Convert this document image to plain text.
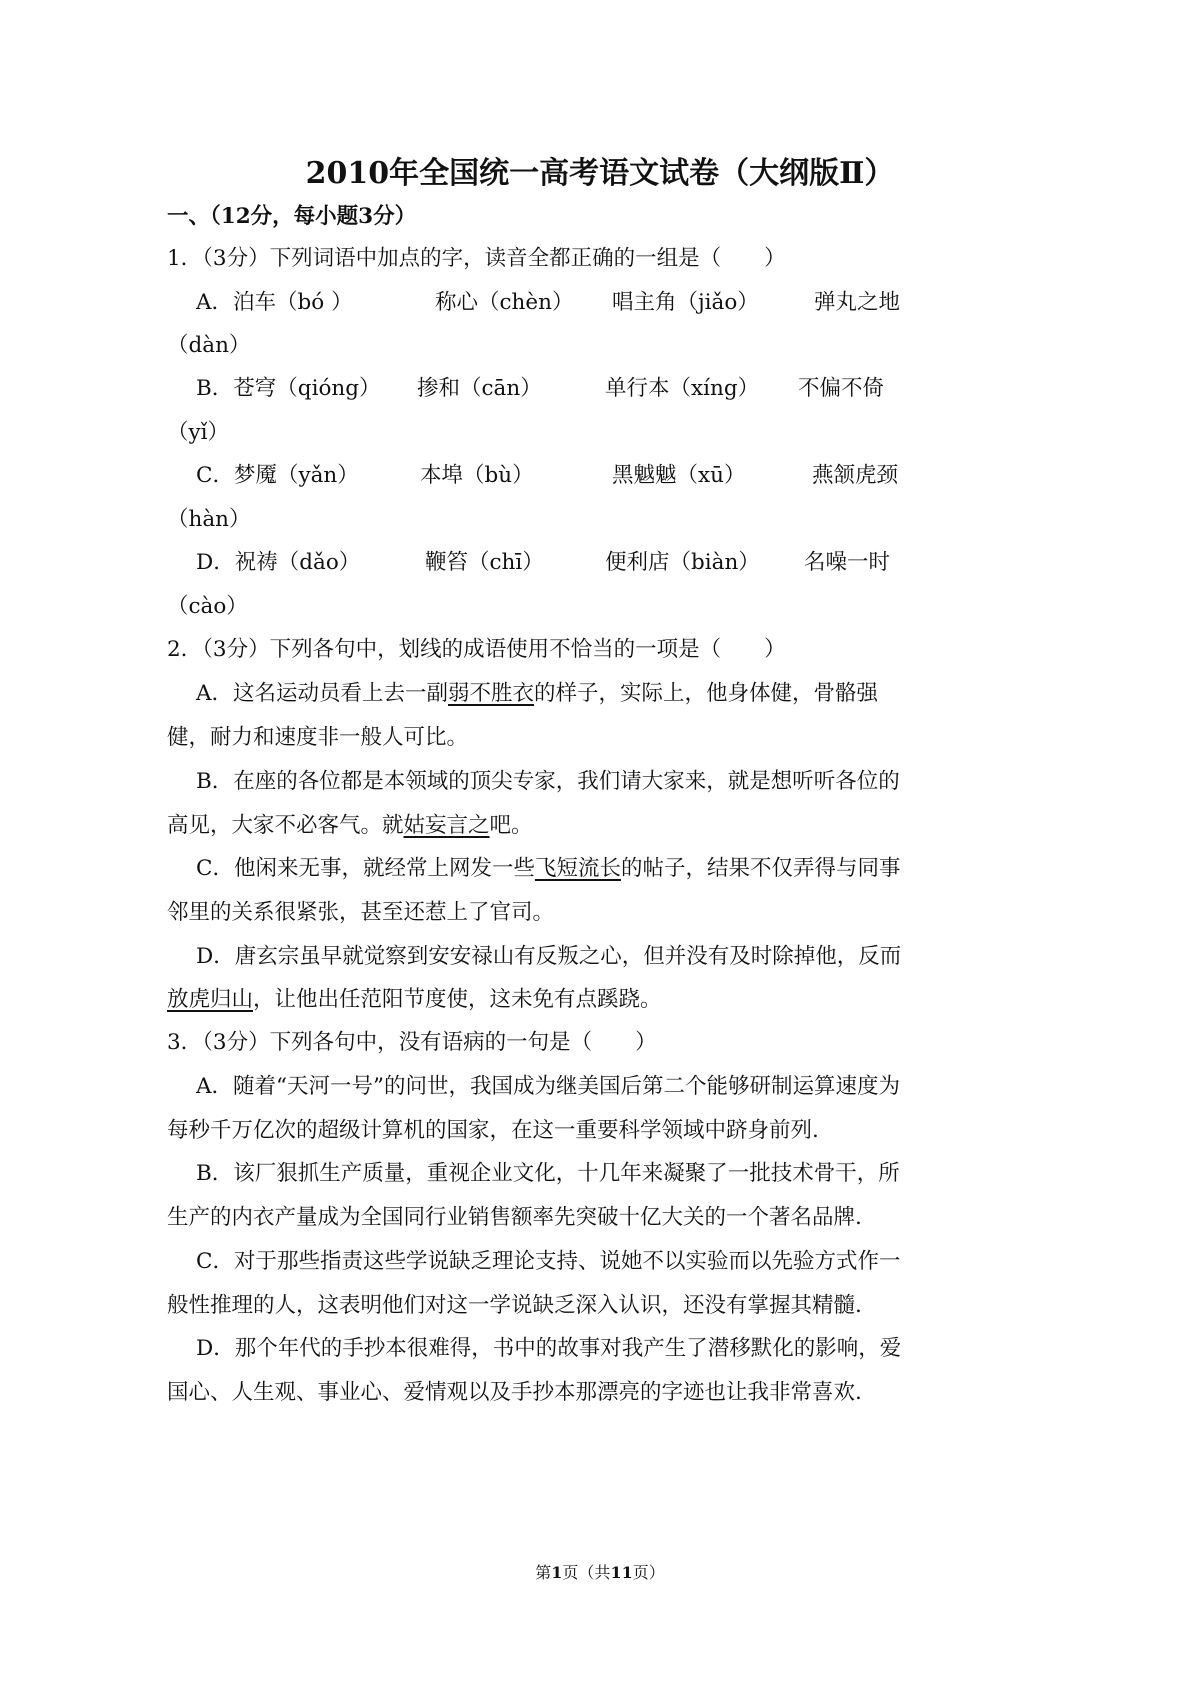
2010年全国统一高考语文试卷（大纲版Ⅱ）
一、（12分，每小题3分）
1．（3分）下列词语中加点的字，读音全都正确的一组是（　　）
A．泊车（bó ）	称心（chèn） 唱主角（jiǎo）	弹丸之地
（dàn）
B．苍穹（qióng） 掺和（cān）	单行本（xíng） 不偏不倚
（yǐ）
C．梦魇（yǎn）	本埠（bù）	黑魆魆（xū）	燕颔虎颈
（hàn）
D．祝祷（dǎo）	鞭笞（chī）	便利店（biàn） 名噪一时
（cào）
2．（3分）下列各句中，划线的成语使用不恰当的一项是（　　）
A．这名运动员看上去一副弱不胜衣的样子，实际上，他身体健，骨骼强
健，耐力和速度非一般人可比。
B．在座的各位都是本领域的顶尖专家，我们请大家来，就是想听听各位的
高见，大家不必客气。就姑妄言之吧。
C．他闲来无事，就经常上网发一些飞短流长的帖子，结果不仅弄得与同事
邻里的关系很紧张，甚至还惹上了官司。
D．唐玄宗虽早就觉察到安安禄山有反叛之心，但并没有及时除掉他，反而
放虎归山，让他出任范阳节度使，这未免有点蹊跷。
3．（3分）下列各句中，没有语病的一句是（　　）
A．随着“天河一号”的问世，我国成为继美国后第二个能够研制运算速度为
每秒千万亿次的超级计算机的国家，在这一重要科学领域中跻身前列.
B．该厂狠抓生产质量，重视企业文化，十几年来凝聚了一批技术骨干，所
生产的内衣产量成为全国同行业销售额率先突破十亿大关的一个著名品牌.
C．对于那些指责这些学说缺乏理论支持、说她不以实验而以先验方式作一
般性推理的人，这表明他们对这一学说缺乏深入认识，还没有掌握其精髓.
D．那个年代的手抄本很难得，书中的故事对我产生了潜移默化的影响，爱
国心、人生观、事业心、爱情观以及手抄本那漂亮的字迹也让我非常喜欢.
第1页（共11页）
